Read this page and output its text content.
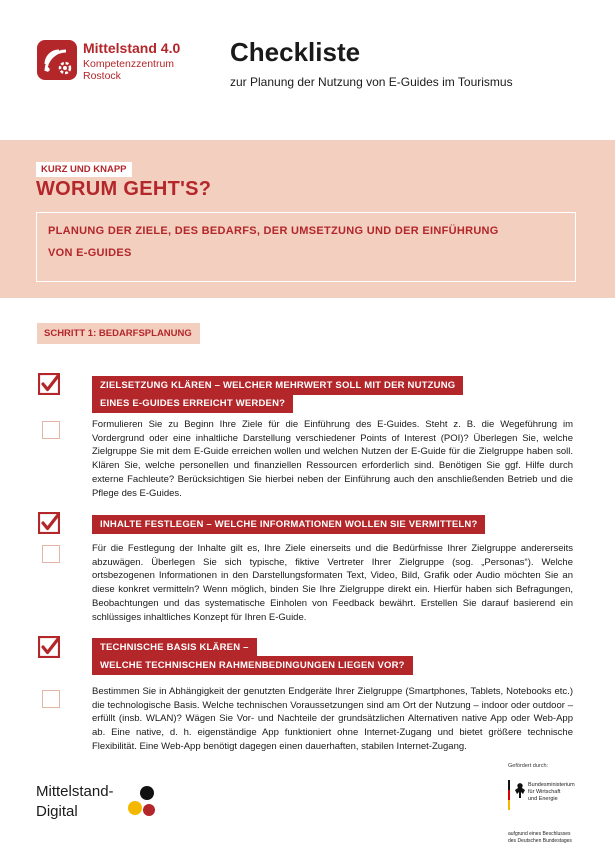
Mittelstand 4.0
Kompetenzzentrum
Rostock
Checkliste
zur Planung der Nutzung von E-Guides im Tourismus
KURZ UND KNAPP
WORUM GEHT'S?
PLANUNG DER ZIELE, DES BEDARFS, DER UMSETZUNG UND DER EINFÜHRUNG
VON E-GUIDES
SCHRITT 1: BEDARFSPLANUNG
ZIELSETZUNG KLÄREN – WELCHER MEHRWERT SOLL MIT DER NUTZUNG
EINES E-GUIDES ERREICHT WERDEN?
Formulieren Sie zu Beginn Ihre Ziele für die Einführung des E-Guides. Steht z. B. die Wegeführung im Vordergrund oder eine inhaltliche Darstellung verschiedener Points of Interest (POI)? Überlegen Sie, welche Zielgruppe Sie mit dem E-Guide erreichen wollen und welchen Nutzen der E-Guide für die Zielgruppe haben soll. Klären Sie, welche personellen und finanziellen Ressourcen erforderlich sind. Benötigen Sie ggf. Hilfe durch externe Fachleute? Berücksichtigen Sie hierbei neben der Einführung auch den anschließenden Betrieb und die Pflege des E-Guides.
INHALTE FESTLEGEN – WELCHE INFORMATIONEN WOLLEN SIE VERMITTELN?
Für die Festlegung der Inhalte gilt es, Ihre Ziele einerseits und die Bedürfnisse Ihrer Zielgruppe andererseits abzuwägen. Überlegen Sie sich typische, fiktive Vertreter Ihrer Zielgruppe (sog. „Personas“). Welche ortsbezogenen Informationen in den Darstellungsformaten Text, Video, Bild, Grafik oder Audio möchten Sie an diese konkret vermitteln? Wenn möglich, binden Sie Ihre Zielgruppe direkt ein. Hierfür haben sich Befragungen, Beobachtungen und das systematische Einholen von Feedback bewährt. Erstellen Sie darauf basierend ein schlüssiges inhaltliches Konzept für Ihren E-Guide.
TECHNISCHE BASIS KLÄREN –
WELCHE TECHNISCHEN RAHMENBEDINGUNGEN LIEGEN VOR?
Bestimmen Sie in Abhängigkeit der genutzten Endgeräte Ihrer Zielgruppe (Smartphones, Tablets, Notebooks etc.) die technologische Basis. Welche technischen Voraussetzungen sind am Ort der Nutzung – indoor oder outdoor – erfüllt (insb. WLAN)? Wägen Sie Vor- und Nachteile der grundsätzlichen Alternativen native App oder Web-App ab. Eine native, d. h. eigenständige App funktioniert ohne Internet-Zugang und bietet größere technische Flexibilität. Eine Web-App benötigt dagegen einen dauerhaften, stabilen Internet-Zugang.
Mittelstand-
Digital
Gefördert durch:
Bundesministerium
für Wirtschaft
und Energie
aufgrund eines Beschlusses
des Deutschen Bundestages
